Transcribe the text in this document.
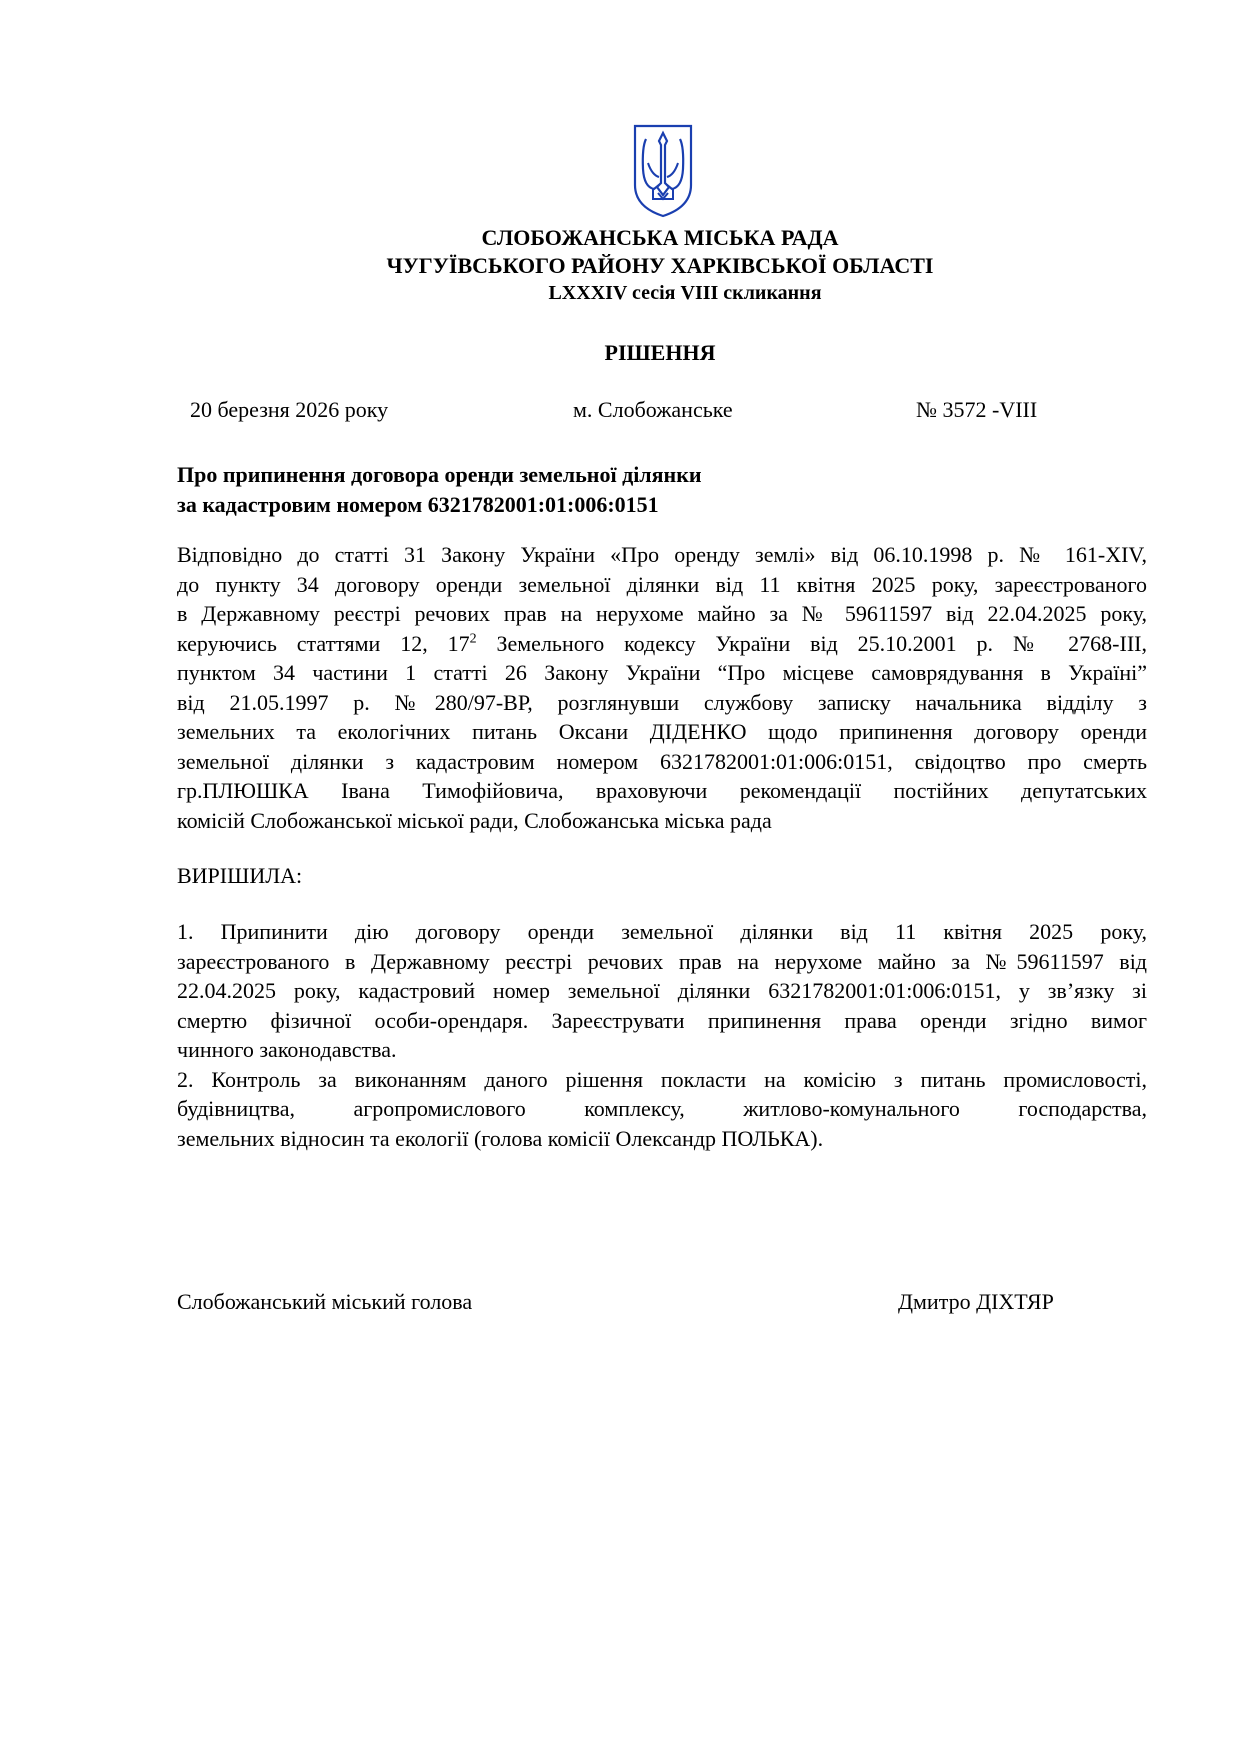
СЛОБОЖАНСЬКА МІСЬКА РАДА
ЧУГУЇВСЬКОГО РАЙОНУ ХАРКІВСЬКОЇ ОБЛАСТІ
LXXXIV сесія VIII скликання
РІШЕННЯ
20 березня 2026 року	м. Слобожанське	№ 3572 -VIII
Про припинення договора оренди земельної ділянки
за кадастровим номером 6321782001:01:006:0151
Відповідно до статті 31 Закону України «Про оренду землі» від 06.10.1998 р. № 161-XIV,
до пункту 34 договору оренди земельної ділянки від 11 квітня 2025 року, зареєстрованого
в Державному реєстрі речових прав на нерухоме майно за № 59611597 від 22.04.2025 року,
керуючись статтями 12, $17^2$ Земельного кодексу України від 25.10.2001 р. № 2768-III,
пунктом 34 частини 1 статті 26 Закону України “Про місцеве самоврядування в Україні”
від 21.05.1997 р. №280/97-ВР, розглянувши службову записку начальника відділу з
земельних та екологічних питань Оксани ДІДЕНКО щодо припинення договору оренди
земельної ділянки з кадастровим номером 6321782001:01:006:0151, свідоцтво про смерть
гр.ПЛЮШКА Івана Тимофійовича, враховуючи рекомендації постійних депутатських
комісій Слобожанської міської ради, Слобожанська міська рада
ВИРІШИЛА:
1. Припинити дію договору оренди земельної ділянки від 11 квітня 2025 року,
зареєстрованого в Державному реєстрі речових прав на нерухоме майно за №59611597 від
22.04.2025 року, кадастровий номер земельної ділянки 6321782001:01:006:0151, у зв’язку зі
смертю фізичної особи-орендаря. Зареєструвати припинення права оренди згідно вимог
чинного законодавства.
2. Контроль за виконанням даного рішення покласти на комісію з питань промисловості,
будівництва, агропромислового комплексу, житлово-комунального господарства,
земельних відносин та екології (голова комісії Олександр ПОЛЬКА).
Слобожанський міський голова	Дмитро ДІХТЯР
